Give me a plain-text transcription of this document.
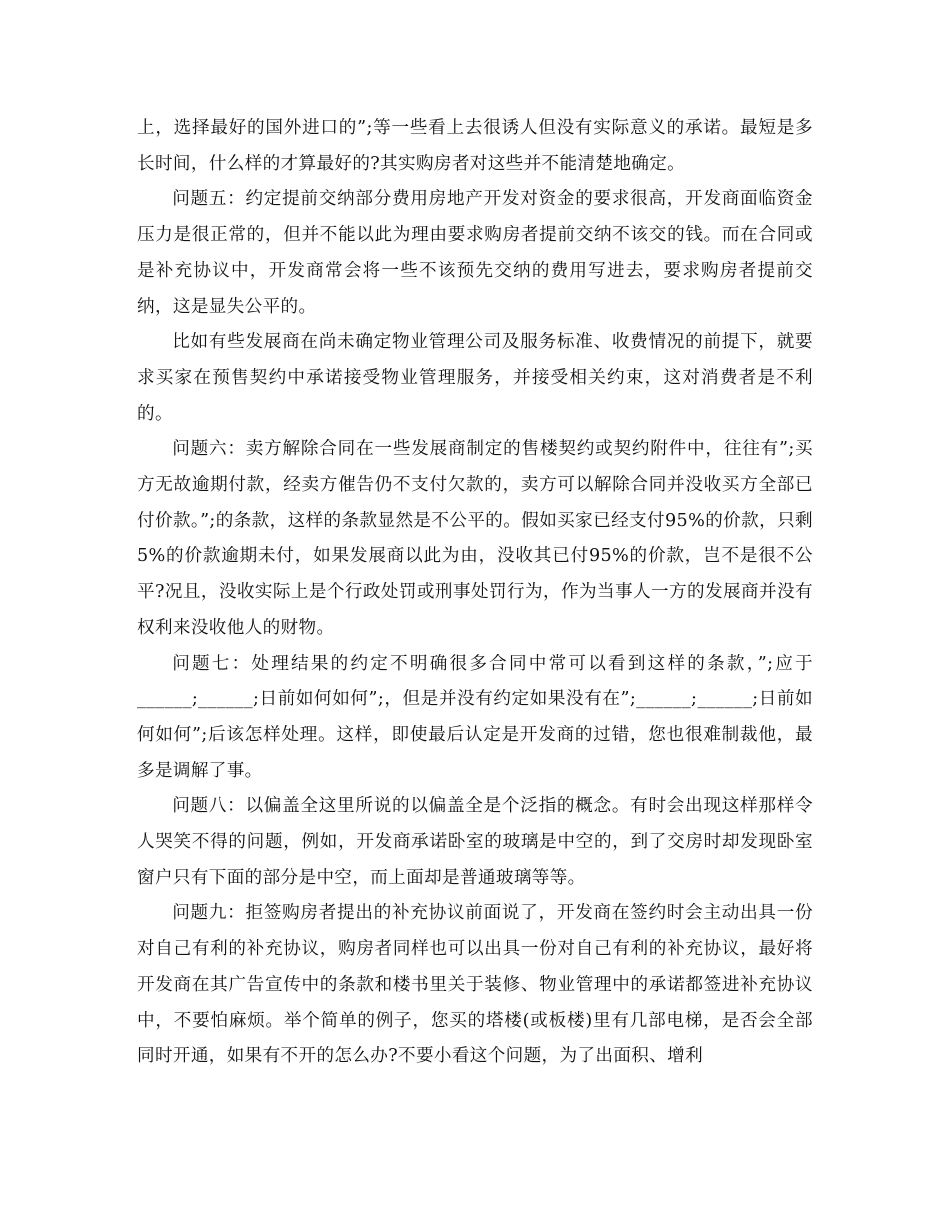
上，选择最好的国外进口的”;等一些看上去很诱人但没有实际意义的承诺。最短是多长时间，什么样的才算最好的?其实购房者对这些并不能清楚地确定。

问题五：约定提前交纳部分费用房地产开发对资金的要求很高，开发商面临资金压力是很正常的，但并不能以此为理由要求购房者提前交纳不该交的钱。而在合同或是补充协议中，开发商常会将一些不该预先交纳的费用写进去，要求购房者提前交纳，这是显失公平的。

比如有些发展商在尚未确定物业管理公司及服务标准、收费情况的前提下，就要求买家在预售契约中承诺接受物业管理服务，并接受相关约束，这对消费者是不利的。

问题六：卖方解除合同在一些发展商制定的售楼契约或契约附件中，往往有”;买方无故逾期付款，经卖方催告仍不支付欠款的，卖方可以解除合同并没收买方全部已付价款。”;的条款，这样的条款显然是不公平的。假如买家已经支付95%的价款，只剩5%的价款逾期未付，如果发展商以此为由，没收其已付95%的价款，岂不是很不公平?况且，没收实际上是个行政处罚或刑事处罚行为，作为当事人一方的发展商并没有权利来没收他人的财物。

问题七：处理结果的约定不明确很多合同中常可以看到这样的条款，”;应于______;______;日前如何如何”;，但是并没有约定如果没有在”;______;______;日前如何如何”;后该怎样处理。这样，即使最后认定是开发商的过错，您也很难制裁他，最多是调解了事。

问题八：以偏盖全这里所说的以偏盖全是个泛指的概念。有时会出现这样那样令人哭笑不得的问题，例如，开发商承诺卧室的玻璃是中空的，到了交房时却发现卧室窗户只有下面的部分是中空，而上面却是普通玻璃等等。

问题九：拒签购房者提出的补充协议前面说了，开发商在签约时会主动出具一份对自己有利的补充协议，购房者同样也可以出具一份对自己有利的补充协议，最好将开发商在其广告宣传中的条款和楼书里关于装修、物业管理中的承诺都签进补充协议中，不要怕麻烦。举个简单的例子，您买的塔楼(或板楼)里有几部电梯，是否会全部同时开通，如果有不开的怎么办?不要小看这个问题，为了出面积、增利
